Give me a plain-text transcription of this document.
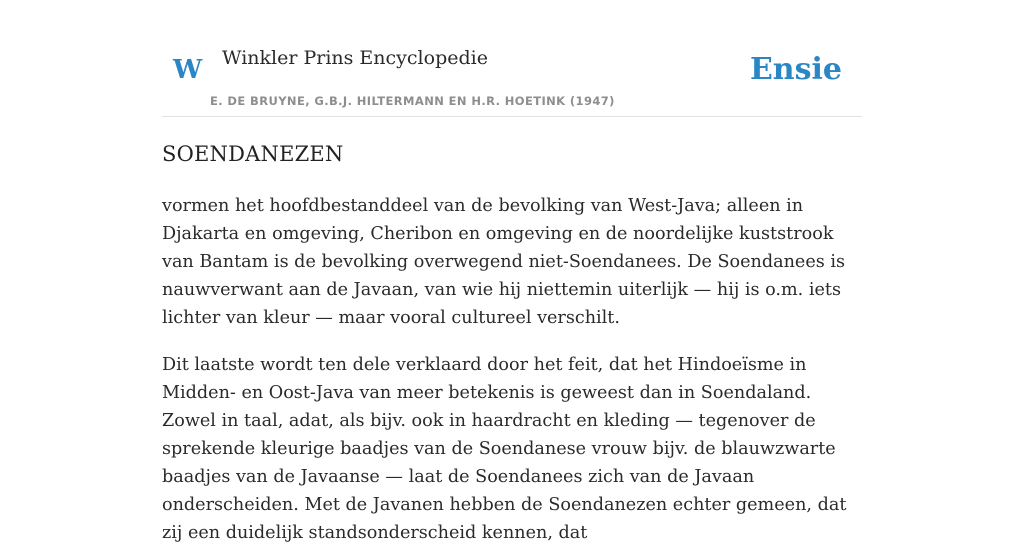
W Winkler Prins Encyclopedie
E. DE BRUYNE, G.B.J. HILTERMANN EN H.R. HOETINK (1947)
Ensie
SOENDANEZEN

vormen het hoofdbestanddeel van de bevolking van West-Java; alleen in Djakarta en omgeving, Cheribon en omgeving en de noordelijke kuststrook van Bantam is de bevolking overwegend niet-Soendanees. De Soendanees is nauwverwant aan de Javaan, van wie hij niettemin uiterlijk — hij is o.m. iets lichter van kleur — maar vooral cultureel verschilt.

Dit laatste wordt ten dele verklaard door het feit, dat het Hindoeïsme in Midden- en Oost-Java van meer betekenis is geweest dan in Soendaland. Zowel in taal, adat, als bijv. ook in haardracht en kleding — tegenover de sprekende kleurige baadjes van de Soendanese vrouw bijv. de blauwzwarte baadjes van de Javaanse — laat de Soendanees zich van de Javaan onderscheiden. Met de Javanen hebben de Soendanezen echter gemeen, dat zij een duidelijk standsonderscheid kennen, dat
